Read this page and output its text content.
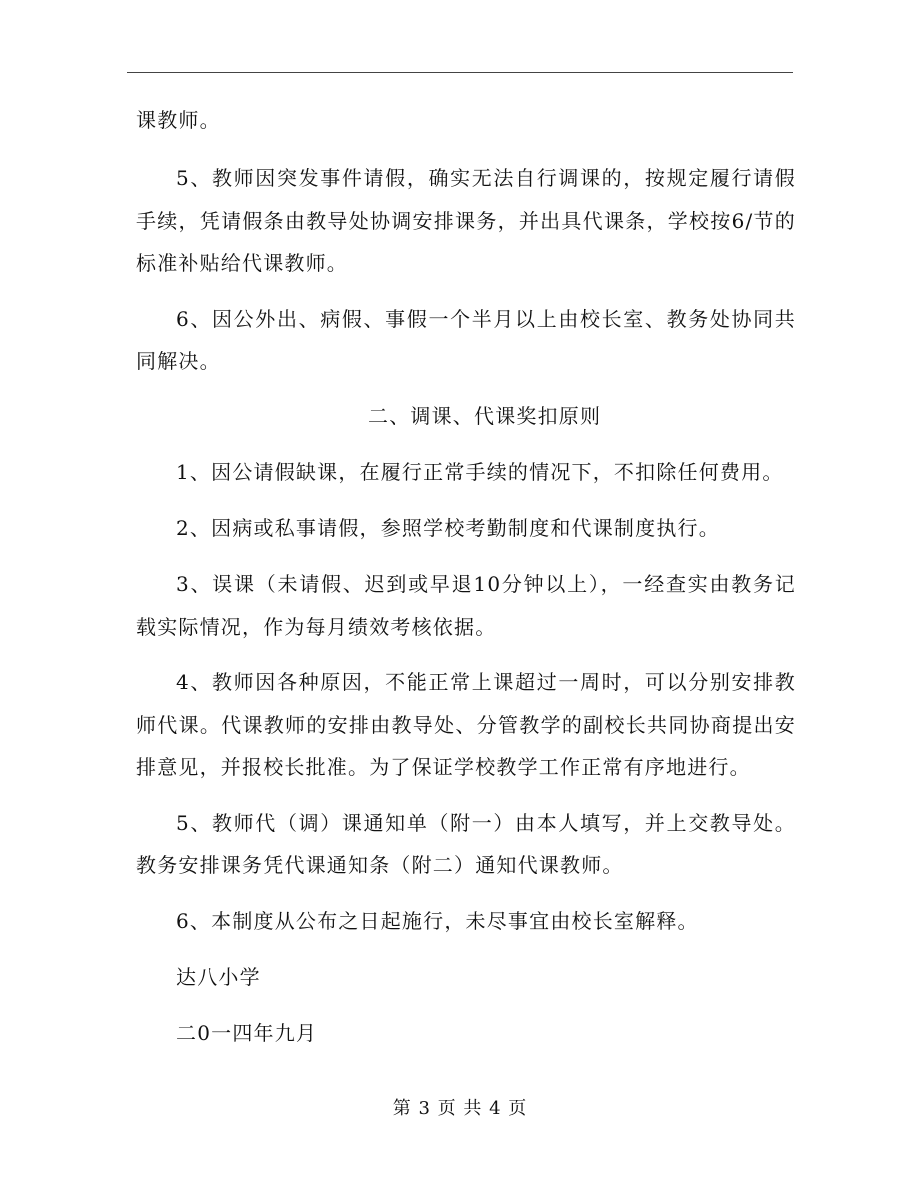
课教师。
5、教师因突发事件请假，确实无法自行调课的，按规定履行请假
手续，凭请假条由教导处协调安排课务，并出具代课条，学校按6/节的
标准补贴给代课教师。
6、因公外出、病假、事假一个半月以上由校长室、教务处协同共
同解决。
二、调课、代课奖扣原则
1、因公请假缺课，在履行正常手续的情况下，不扣除任何费用。
2、因病或私事请假，参照学校考勤制度和代课制度执行。
3、误课（未请假、迟到或早退10分钟以上），一经查实由教务记
载实际情况，作为每月绩效考核依据。
4、教师因各种原因，不能正常上课超过一周时，可以分别安排教
师代课。代课教师的安排由教导处、分管教学的副校长共同协商提出安
排意见，并报校长批准。为了保证学校教学工作正常有序地进行。
5、教师代（调）课通知单（附一）由本人填写，并上交教导处。
教务安排课务凭代课通知条（附二）通知代课教师。
6、本制度从公布之日起施行，未尽事宜由校长室解释。
达八小学
二0一四年九月
第 3 页 共 4 页
